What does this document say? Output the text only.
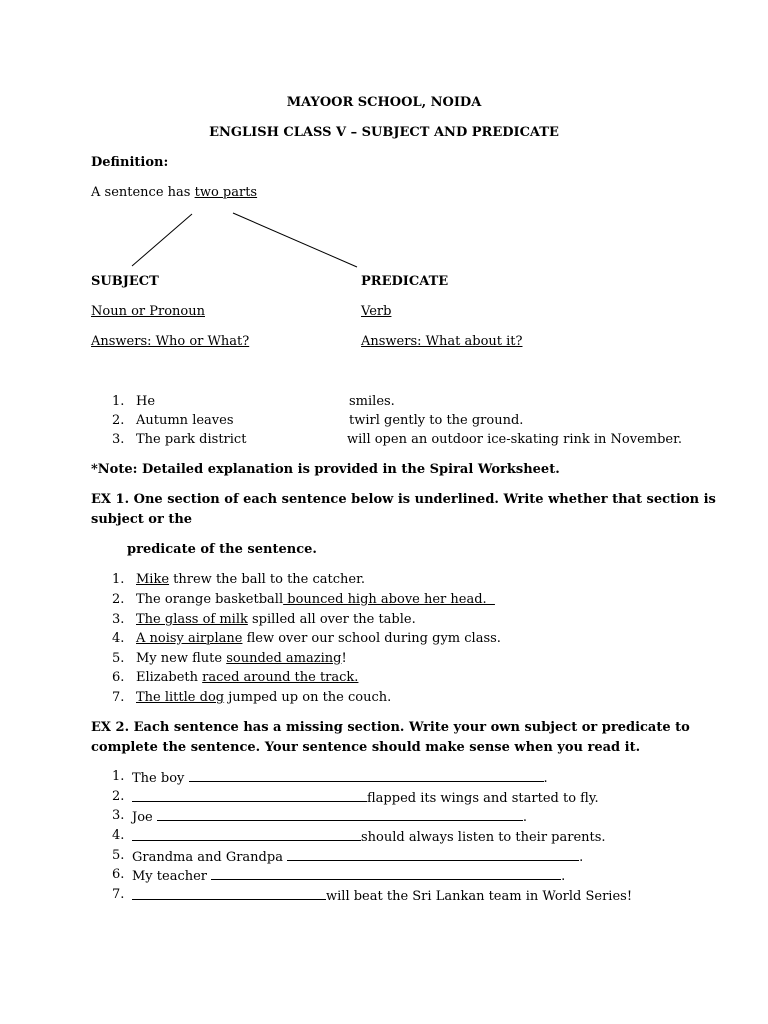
MAYOOR SCHOOL, NOIDA
ENGLISH CLASS V – SUBJECT AND PREDICATE
Definition:
A sentence has two parts
SUBJECT	PREDICATE
Noun or Pronoun	Verb
Answers: Who or What?	Answers: What about it?
1. He	smiles.
2. Autumn leaves	twirl gently to the ground.
3. The park district	will open an outdoor ice-skating rink in November.
*Note: Detailed explanation is provided in the Spiral Worksheet.
EX 1. One section of each sentence below is underlined. Write whether that section is
subject or the
predicate of the sentence.
1. Mike threw the ball to the catcher.
2. The orange basketball bounced high above her head.
3. The glass of milk spilled all over the table.
4. A noisy airplane flew over our school during gym class.
5. My new flute sounded amazing!
6. Elizabeth raced around the track.
7. The little dog jumped up on the couch.
EX 2. Each sentence has a missing section. Write your own subject or predicate to
complete the sentence. Your sentence should make sense when you read it.
1. The boy	.
2.	flapped its wings and started to fly.
3. Joe	.
4.	should always listen to their parents.
5. Grandma and Grandpa	.
6. My teacher	.
7.	will beat the Sri Lankan team in World Series!
